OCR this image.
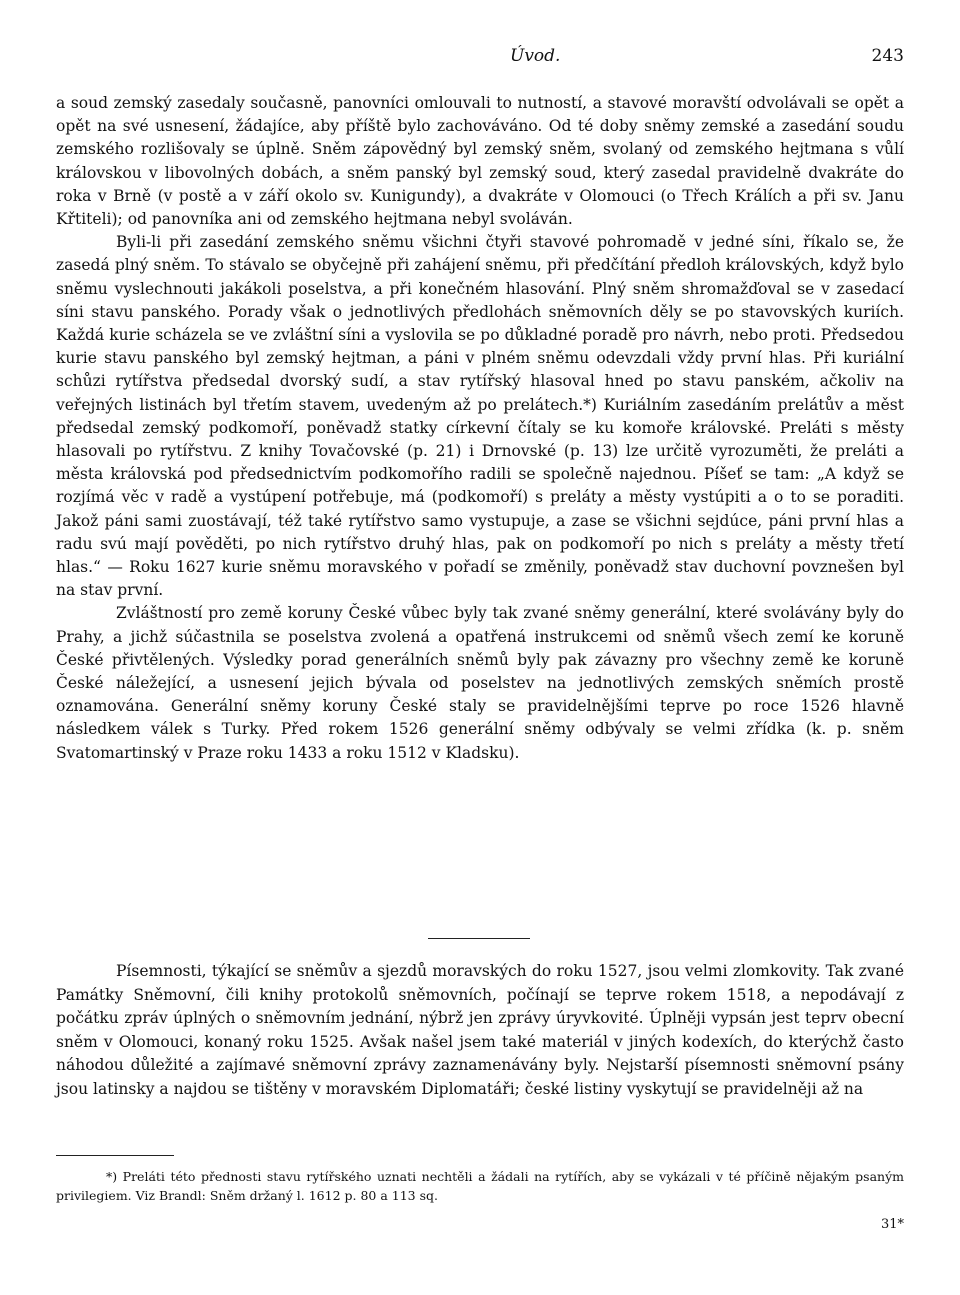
Úvod.	243

a soud zemský zasedaly současně, panovníci omlouvali to nutností, a stavové moravští odvolávali se opět a opět na své usnesení, žádajíce, aby příště bylo zachováváno. Od té doby sněmy zemské a zasedání soudu zemského rozlišovaly se úplně. Sněm zápovědný byl zemský sněm, svolaný od zemského hejtmana s vůlí královskou v libovolných dobách, a sněm panský byl zemský soud, který zasedal pravidelně dvakráte do roka v Brně (v postě a v září okolo sv. Kunigundy), a dvakráte v Olomouci (o Třech Králích a při sv. Janu Křtiteli); od panovníka ani od zemského hejtmana nebyl svoláván.

Byli-li při zasedání zemského sněmu všichni čtyři stavové pohromadě v jedné síni, říkalo se, že zasedá plný sněm. To stávalo se obyčejně při zahájení sněmu, při předčítání předloh královských, když bylo sněmu vyslechnouti jakákoli poselstva, a při konečném hlasování. Plný sněm shromažďoval se v zasedací síni stavu panského. Porady však o jednotlivých předlohách sněmovních děly se po stavovských kuriích. Každá kurie scházela se ve zvláštní síni a vyslovila se po důkladné poradě pro návrh, nebo proti. Předsedou kurie stavu panského byl zemský hejtman, a páni v plném sněmu odevzdali vždy první hlas. Při kuriální schůzi rytířstva předsedal dvorský sudí, a stav rytířský hlasoval hned po stavu panském, ačkoliv na veřejných listinách byl třetím stavem, uvedeným až po prelátech.*) Kuriálním zasedáním prelátův a měst předsedal zemský podkomoří, poněvadž statky církevní čítaly se ku komoře královské. Preláti s městy hlasovali po rytířstvu. Z knihy Tovačovské (p. 21) i Drnovské (p. 13) lze určitě vyrozuměti, že preláti a města královská pod předsednictvím podkomořího radili se společně najednou. Píšeť se tam: „A když se rozjímá věc v radě a vystúpení potřebuje, má (podkomoří) s preláty a městy vystúpiti a o to se poraditi. Jakož páni sami zuostávají, též také rytířstvo samo vystupuje, a zase se všichni sejdúce, páni první hlas a radu svú mají pověděti, po nich rytířstvo druhý hlas, pak on podkomoří po nich s preláty a městy třetí hlas.“ — Roku 1627 kurie sněmu moravského v pořadí se změnily, poněvadž stav duchovní povznešen byl na stav první.

Zvláštností pro země koruny České vůbec byly tak zvané sněmy generální, které svolávány byly do Prahy, a jichž súčastnila se poselstva zvolená a opatřená instrukcemi od sněmů všech zemí ke koruně České přivtělených. Výsledky porad generálních sněmů byly pak závazny pro všechny země ke koruně České náležející, a usnesení jejich bývala od poselstev na jednotlivých zemských sněmích prostě oznamována. Generální sněmy koruny České staly se pravidelnějšími teprve po roce 1526 hlavně následkem válek s Turky. Před rokem 1526 generální sněmy odbývaly se velmi zřídka (k. p. sněm Svatomartinský v Praze roku 1433 a roku 1512 v Kladsku).

Písemnosti, týkající se sněmův a sjezdů moravských do roku 1527, jsou velmi zlomkovity. Tak zvané Památky Sněmovní, čili knihy protokolů sněmovních, počínají se teprve rokem 1518, a nepodávají z počátku zpráv úplných o sněmovním jednání, nýbrž jen zprávy úryvkovité. Úplněji vypsán jest teprv obecní sněm v Olomouci, konaný roku 1525. Avšak našel jsem také materiál v jiných kodexích, do kterýchž často náhodou důležité a zajímavé sněmovní zprávy zaznamenávány byly. Nejstarší písemnosti sněmovní psány jsou latinsky a najdou se tištěny v moravském Diplomatáři; české listiny vyskytují se pravidelněji až na

*) Preláti této přednosti stavu rytířského uznati nechtěli a žádali na rytířích, aby se vykázali v té příčině nějakým psaným privilegiem. Viz Brandl: Sněm držaný l. 1612 p. 80 a 113 sq.

31*
